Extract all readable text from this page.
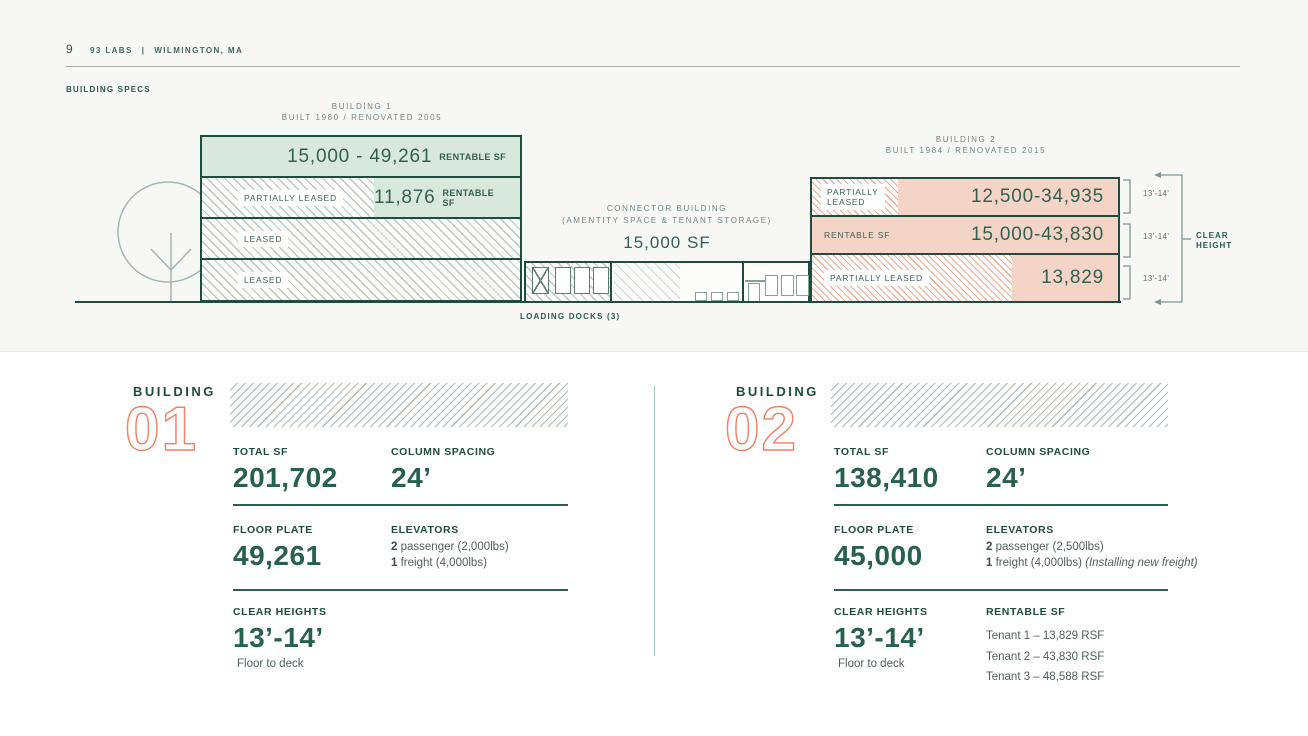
9 93 LABS | WILMINGTON, MA
BUILDING SPECS
BUILDING 1
BUILT 1980 / RENOVATED 2005
BUILDING 2
BUILT 1984 / RENOVATED 2015
15,000 - 49,261 RENTABLE SF
PARTIALLY LEASED	11,876 RENTABLE SF
LEASED
LEASED
CONNECTOR BUILDING
(AMENTITY SPACE & TENANT STORAGE)
15,000 SF
PARTIALLY
LEASED	12,500-34,935
RENTABLE SF	15,000-43,830
PARTIALLY LEASED	13,829
LOADING DOCKS (3)
13'-14'
13'-14'
13'-14'
CLEAR
HEIGHT
BUILDING
01	TOTAL SF
201,702
COLUMN SPACING
24’
FLOOR PLATE
49,261
ELEVATORS
2 passenger (2,000lbs)
1 freight (4,000lbs)
CLEAR HEIGHTS
13’-14’
Floor to deck
BUILDING
02	TOTAL SF
138,410
COLUMN SPACING
24’
FLOOR PLATE
45,000
ELEVATORS
2 passenger (2,500lbs)
1 freight (4,000lbs) (Installing new freight)
CLEAR HEIGHTS
13’-14’
Floor to deck
RENTABLE SF
Tenant 1 – 13,829 RSF
Tenant 2 – 43,830 RSF
Tenant 3 – 48,588 RSF
